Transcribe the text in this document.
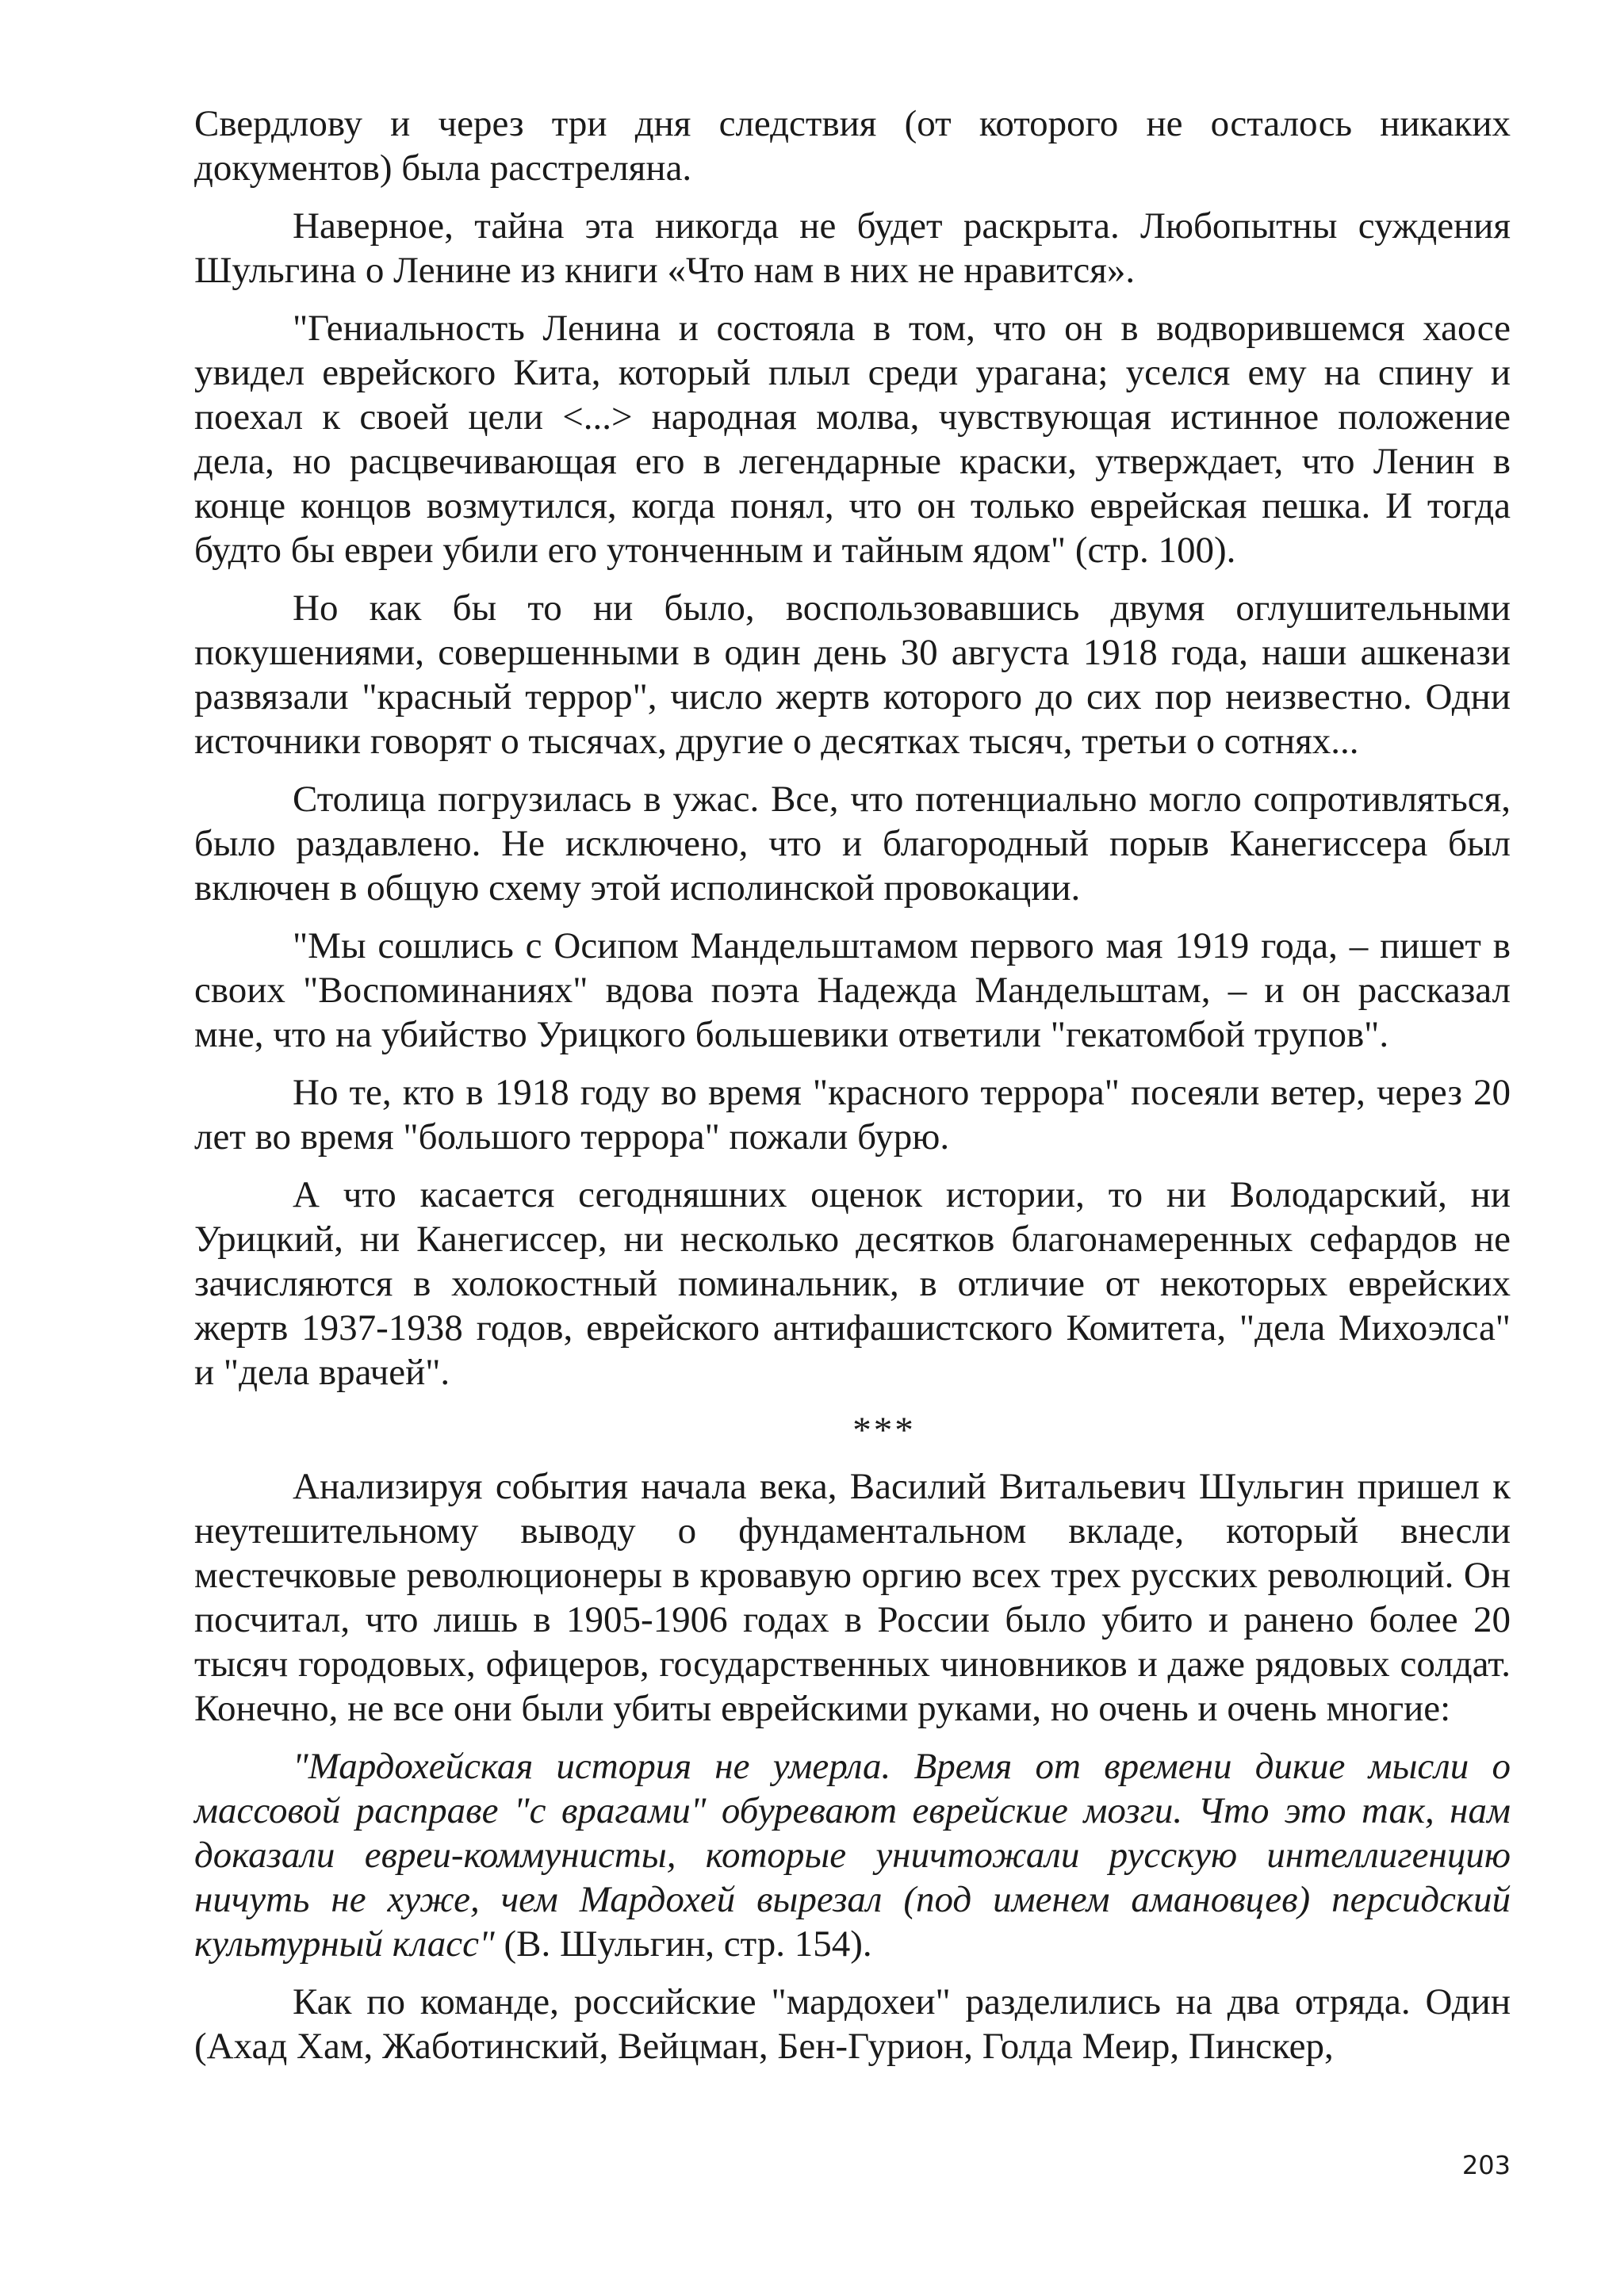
Свердлову и через три дня следствия (от которого не осталось никаких документов) была расстреляна.

Наверное, тайна эта никогда не будет раскрыта. Любопытны суждения Шульгина о Ленине из книги «Что нам в них не нравится».

"Гениальность Ленина и состояла в том, что он в водворившемся хаосе увидел еврейского Кита, который плыл среди урагана; уселся ему на спину и поехал к своей цели <...> народная молва, чувствующая истинное положение дела, но расцвечивающая его в легендарные краски, утверждает, что Ленин в конце концов возмутился, когда понял, что он только еврейская пешка. И тогда будто бы евреи убили его утонченным и тайным ядом" (стр. 100).

Но как бы то ни было, воспользовавшись двумя оглушительными покушениями, совершенными в один день 30 августа 1918 года, наши ашкенази развязали "красный террор", число жертв которого до сих пор неизвестно. Одни источники говорят о тысячах, другие о десятках тысяч, третьи о сотнях...

Столица погрузилась в ужас. Все, что потенциально могло сопротивляться, было раздавлено. Не исключено, что и благородный порыв Канегиссера был включен в общую схему этой исполинской провокации.

"Мы сошлись с Осипом Мандельштамом первого мая 1919 года, – пишет в своих "Воспоминаниях" вдова поэта Надежда Мандельштам, – и он рассказал мне, что на убийство Урицкого большевики ответили "гекатомбой трупов".

Но те, кто в 1918 году во время "красного террора" посеяли ветер, через 20 лет во время "большого террора" пожали бурю.

А что касается сегодняшних оценок истории, то ни Володарский, ни Урицкий, ни Канегиссер, ни несколько десятков благонамеренных сефардов не зачисляются в холокостный поминальник, в отличие от некоторых еврейских жертв 1937-1938 годов, еврейского антифашистского Комитета, "дела Михоэлса" и "дела врачей".

***

Анализируя события начала века, Василий Витальевич Шульгин пришел к неутешительному выводу о фундаментальном вкладе, который внесли местечковые революционеры в кровавую оргию всех трех русских революций. Он посчитал, что лишь в 1905-1906 годах в России было убито и ранено более 20 тысяч городовых, офицеров, государственных чиновников и даже рядовых солдат. Конечно, не все они были убиты еврейскими руками, но очень и очень многие:

"Мардохейская история не умерла. Время от времени дикие мысли о массовой расправе "с врагами" обуревают еврейские мозги. Что это так, нам доказали евреи-коммунисты, которые уничтожали русскую интеллигенцию ничуть не хуже, чем Мардохей вырезал (под именем амановцев) персидский культурный класс" (В. Шульгин, стр. 154).

Как по команде, российские "мардохеи" разделились на два отряда. Один (Ахад Хам, Жаботинский, Вейцман, Бен-Гурион, Голда Меир, Пинскер,

203
